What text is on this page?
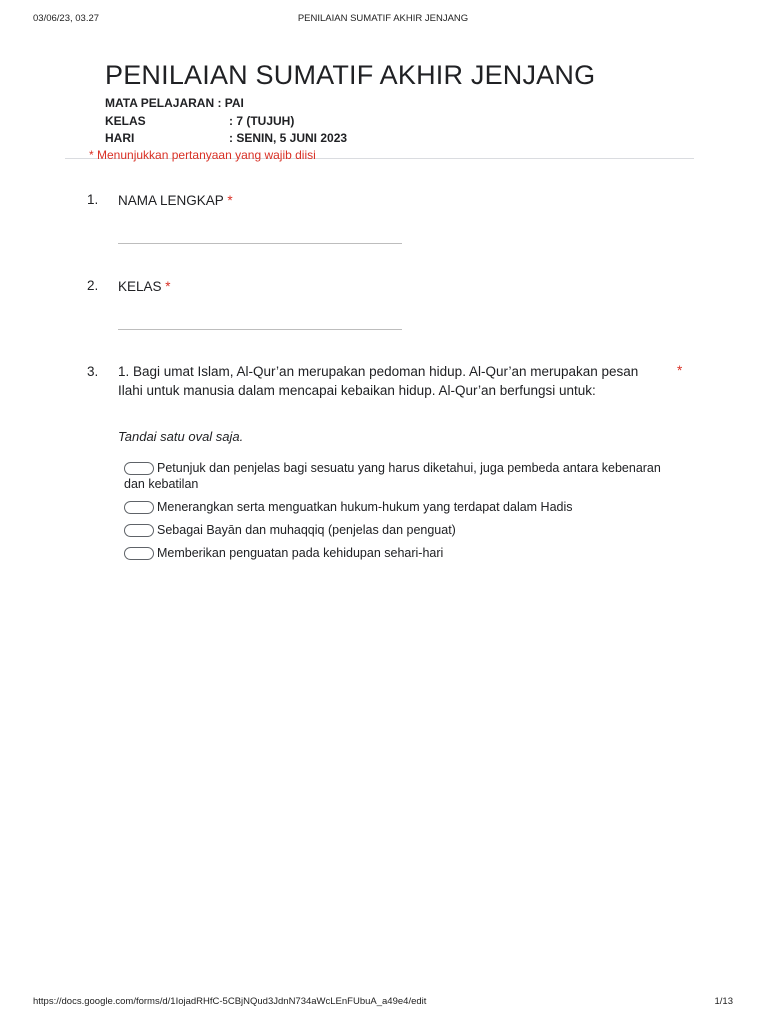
03/06/23, 03.27	PENILAIAN SUMATIF AKHIR JENJANG
PENILAIAN SUMATIF AKHIR JENJANG
MATA PELAJARAN : PAI
KELAS	: 7 (TUJUH)
HARI	: SENIN, 5 JUNI 2023
* Menunjukkan pertanyaan yang wajib diisi
1. NAMA LENGKAP *
2. KELAS *
3. 1. Bagi umat Islam, Al-Qur’an merupakan pedoman hidup. Al-Qur’an merupakan pesan Ilahi untuk manusia dalam mencapai kebaikan hidup. Al-Qur’an berfungsi untuk:
*
Tandai satu oval saja.
Petunjuk dan penjelas bagi sesuatu yang harus diketahui, juga pembeda antara kebenaran dan kebatilan
Menerangkan serta menguatkan hukum-hukum yang terdapat dalam Hadis
Sebagai Bayān dan muhaqqiq (penjelas dan penguat)
Memberikan penguatan pada kehidupan sehari-hari
https://docs.google.com/forms/d/1IojadRHfC-5CBjNQud3JdnN734aWcLEnFUbuA_a49e4/edit	1/13
